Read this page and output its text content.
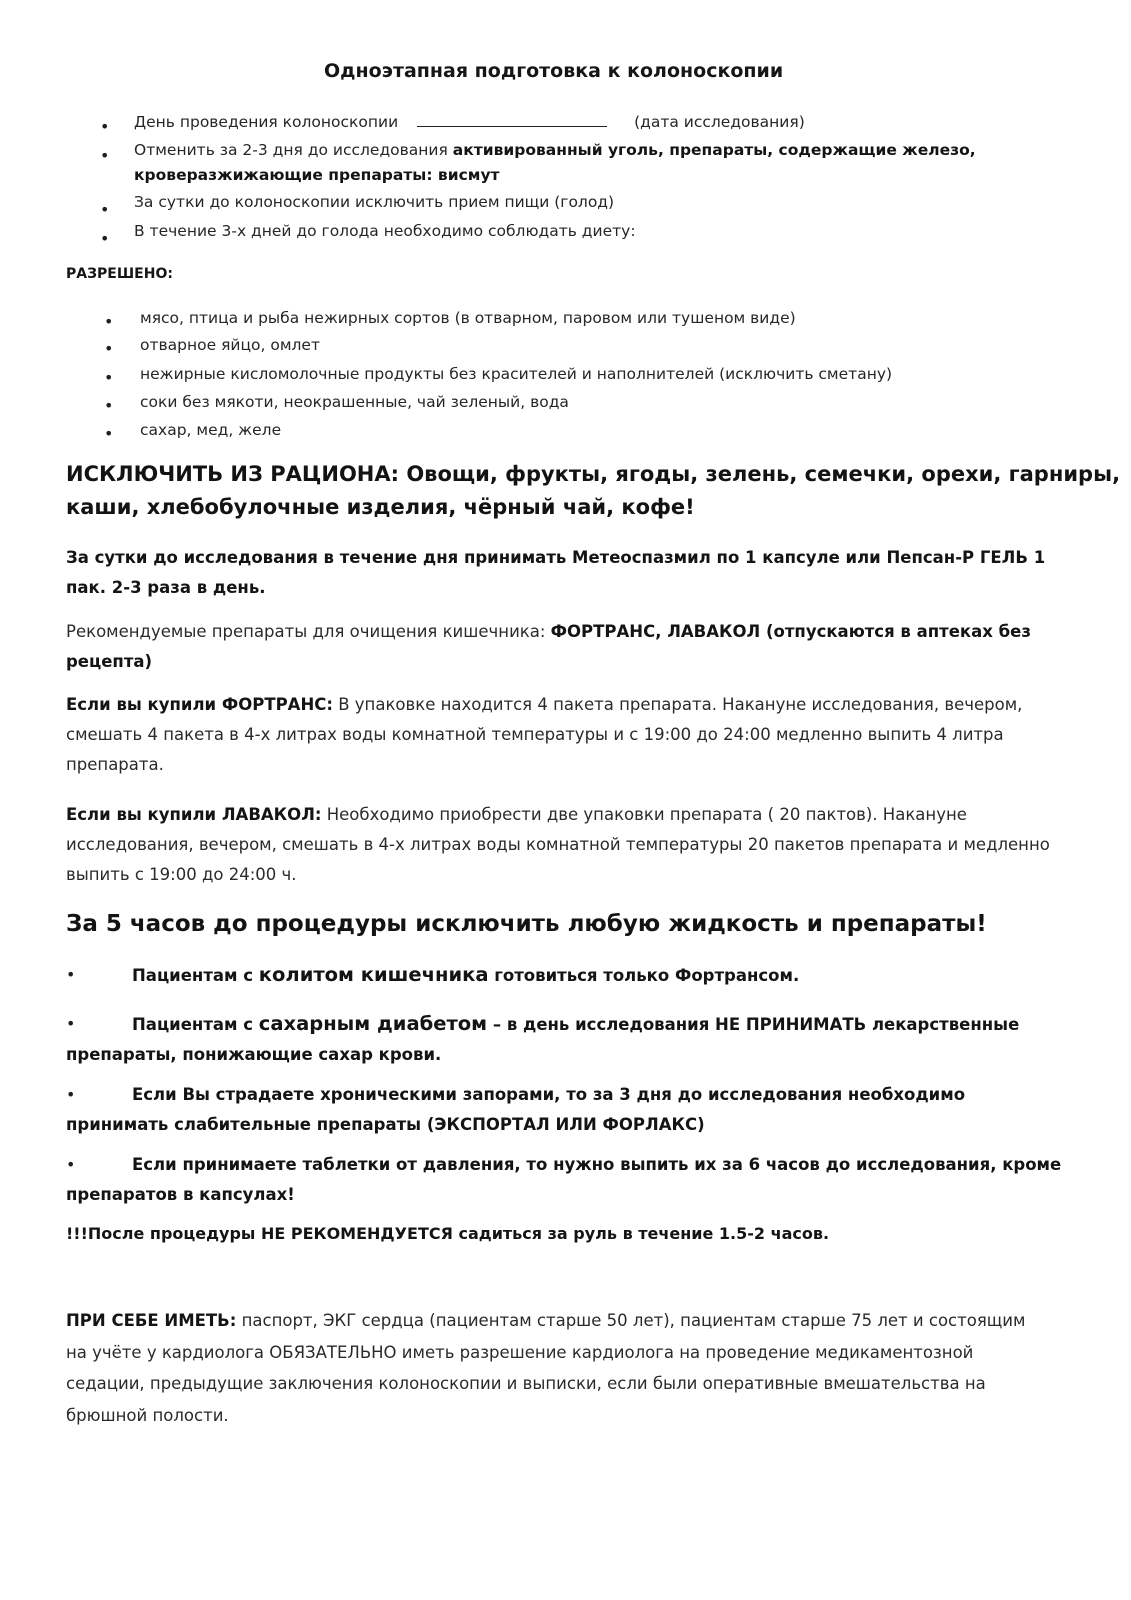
Одноэтапная подготовка к колоноскопии
• День проведения колоноскопии	(дата исследования)
• Отменить за 2-3 дня до исследования активированный уголь, препараты, содержащие железо,
кроверазжижающие препараты: висмут
• За сутки до колоноскопии исключить прием пищи (голод)
• В течение 3-х дней до голода необходимо соблюдать диету:
РАЗРЕШЕНО:
• мясо, птица и рыба нежирных сортов (в отварном, паровом или тушеном виде)
• отварное яйцо, омлет
• нежирные кисломолочные продукты без красителей и наполнителей (исключить сметану)
• соки без мякоти, неокрашенные, чай зеленый, вода
• сахар, мед, желе
ИСКЛЮЧИТЬ ИЗ РАЦИОНА: Овощи, фрукты, ягоды, зелень, семечки, орехи, гарниры,
каши, хлебобулочные изделия, чёрный чай, кофе!
За сутки до исследования в течение дня принимать Метеоспазмил по 1 капсуле или Пепсан-Р ГЕЛЬ 1 пак. 2-3 раза в день.
Рекомендуемые препараты для очищения кишечника: ФОРТРАНС, ЛАВАКОЛ (отпускаются в аптеках без рецепта)
Если вы купили ФОРТРАНС: В упаковке находится 4 пакета препарата. Накануне исследования, вечером, смешать 4 пакета в 4-х литрах воды комнатной температуры и с 19:00 до 24:00 медленно выпить 4 литра препарата.
Если вы купили ЛАВАКОЛ: Необходимо приобрести две упаковки препарата ( 20 пактов). Накануне исследования, вечером, смешать в 4-х литрах воды комнатной температуры 20 пакетов препарата и медленно выпить с 19:00 до 24:00 ч.
За 5 часов до процедуры исключить любую жидкость и препараты!
•	Пациентам с колитом кишечника готовиться только Фортрансом.
•	Пациентам с сахарным диабетом – в день исследования НЕ ПРИНИМАТЬ лекарственные препараты, понижающие сахар крови.
•	Если Вы страдаете хроническими запорами, то за 3 дня до исследования необходимо принимать слабительные препараты (ЭКСПОРТАЛ ИЛИ ФОРЛАКС)
•	Если принимаете таблетки от давления, то нужно выпить их за 6 часов до исследования, кроме препаратов в капсулах!
!!!После процедуры НЕ РЕКОМЕНДУЕТСЯ садиться за руль в течение 1.5-2 часов.
ПРИ СЕБЕ ИМЕТЬ: паспорт, ЭКГ сердца (пациентам старше 50 лет), пациентам старше 75 лет и состоящим на учёте у кардиолога ОБЯЗАТЕЛЬНО иметь разрешение кардиолога на проведение медикаментозной седации, предыдущие заключения колоноскопии и выписки, если были оперативные вмешательства на брюшной полости.
